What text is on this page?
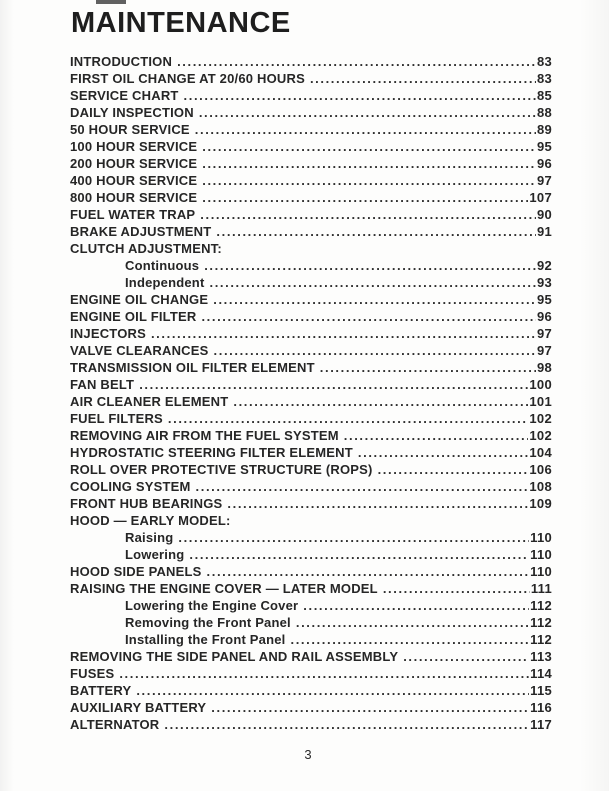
MAINTENANCE
INTRODUCTION .....	83
FIRST OIL CHANGE AT 20/60 HOURS .....	83
SERVICE CHART .....	85
DAILY INSPECTION .....	88
50 HOUR SERVICE .....	89
100 HOUR SERVICE .....	95
200 HOUR SERVICE .....	96
400 HOUR SERVICE .....	97
800 HOUR SERVICE .....	107
FUEL WATER TRAP .....	90
BRAKE ADJUSTMENT .....	91
CLUTCH ADJUSTMENT:
Continuous .....	92
Independent .....	93
ENGINE OIL CHANGE .....	95
ENGINE OIL FILTER .....	96
INJECTORS .....	97
VALVE CLEARANCES .....	97
TRANSMISSION OIL FILTER ELEMENT .....	98
FAN BELT .....	100
AIR CLEANER ELEMENT .....	101
FUEL FILTERS .....	102
REMOVING AIR FROM THE FUEL SYSTEM .....	102
HYDROSTATIC STEERING FILTER ELEMENT .....	104
ROLL OVER PROTECTIVE STRUCTURE (ROPS) .....	106
COOLING SYSTEM .....	108
FRONT HUB BEARINGS .....	109
HOOD — EARLY MODEL:
Raising .....	110
Lowering .....	110
HOOD SIDE PANELS .....	110
RAISING THE ENGINE COVER — LATER MODEL .....	111
Lowering the Engine Cover .....	112
Removing the Front Panel .....	112
Installing the Front Panel .....	112
REMOVING THE SIDE PANEL AND RAIL ASSEMBLY .....	113
FUSES .....	114
BATTERY .....	115
AUXILIARY BATTERY .....	116
ALTERNATOR .....	117
3
